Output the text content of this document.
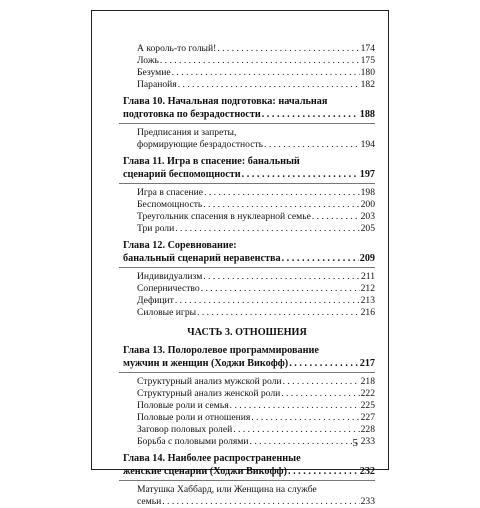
А король-то голый! . . .	174
Ложь . . .	175
Безумие . . .	180
Паранойя . . .	182
Глава 10. Начальная подготовка: начальная
подготовка по безрадостности . . .	188
Предписания и запреты,
формирующие безрадостность . . .	194
Глава 11. Игра в спасение: банальный
сценарий беспомощности . . .	197
Игра в спасение . . .	198
Беспомощность . . .	200
Треугольник спасения в нуклеарной семье . . .	203
Три роли . . .	205
Глава 12. Соревнование:
банальный сценарий неравенства . . .	209
Индивидуализм . . .	211
Соперничество . . .	212
Дефицит . . .	213
Силовые игры . . .	216
ЧАСТЬ 3. ОТНОШЕНИЯ
Глава 13. Полоролевое программирование
мужчин и женщин (Ходжи Викофф) . . .	217
Структурный анализ мужской роли . . .	218
Структурный анализ женской роли . . .	222
Половые роли и семья . . .	225
Половые роли и отношения . . .	227
Заговор половых ролей . . .	228
Борьба с половыми ролями . . .	233
Глава 14. Наиболее распространенные
женские сценарии (Ходжи Викофф) . . .	232
Матушка Хаббард, или Женщина на службе
семьи . . .	233
5
